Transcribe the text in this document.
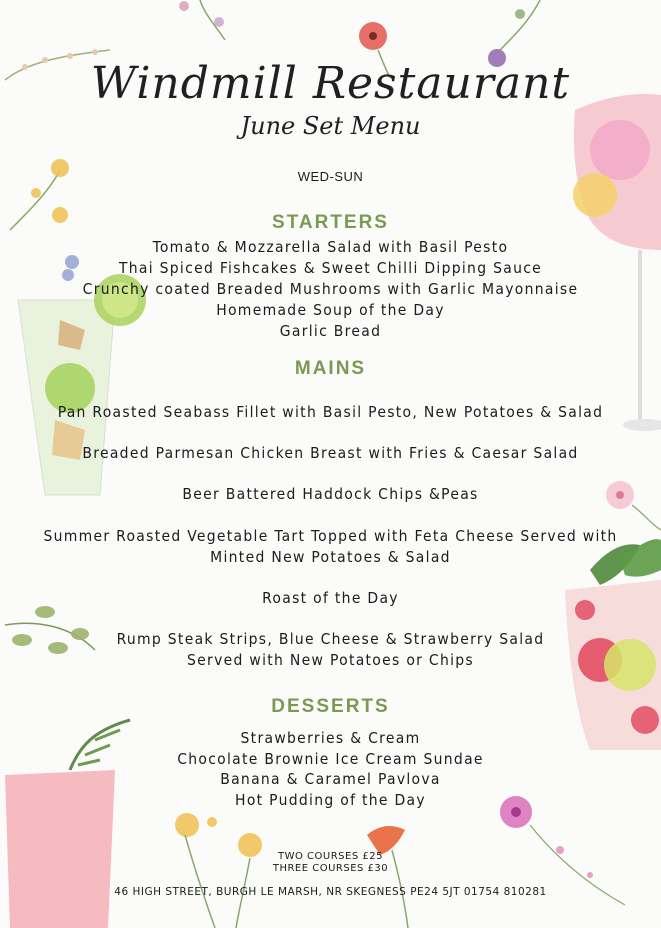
Windmill Restaurant
June Set Menu
WED-SUN
STARTERS
Tomato & Mozzarella Salad with Basil Pesto
Thai Spiced Fishcakes & Sweet Chilli Dipping Sauce
Crunchy coated Breaded Mushrooms with Garlic Mayonnaise
Homemade Soup of the Day
Garlic Bread
MAINS
Pan Roasted Seabass Fillet with Basil Pesto, New Potatoes & Salad
Breaded Parmesan Chicken Breast with Fries & Caesar Salad
Beer Battered Haddock Chips &Peas
Summer Roasted Vegetable Tart Topped with Feta Cheese Served with
Minted New Potatoes & Salad
Roast of the Day
Rump Steak Strips, Blue Cheese & Strawberry Salad
Served with New Potatoes or Chips
DESSERTS
Strawberries & Cream
Chocolate Brownie Ice Cream Sundae
Banana & Caramel Pavlova
Hot Pudding of the Day
TWO COURSES £25
THREE COURSES £30
46 HIGH STREET, BURGH LE MARSH, NR SKEGNESS PE24 5JT 01754 810281
